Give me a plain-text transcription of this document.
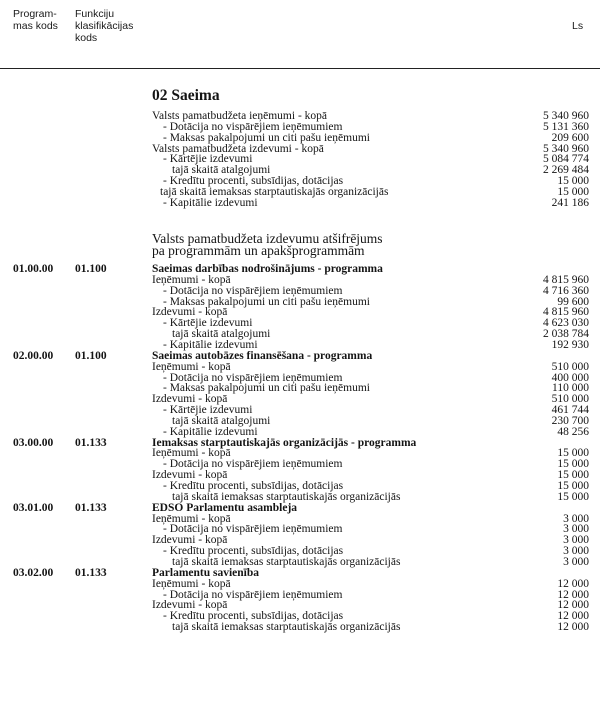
Program-
mas kods
Funkciju
klasifikācijas
kods
Ls
02 Saeima
Valsts pamatbudžeta ieņēmumi - kopā	5 340 960
- Dotācija no vispārējiem ieņēmumiem	5 131 360
- Maksas pakalpojumi un citi pašu ieņēmumi	209 600
Valsts pamatbudžeta izdevumi - kopā	5 340 960
- Kārtējie izdevumi	5 084 774
tajā skaitā atalgojumi	2 269 484
- Kredītu procenti, subsīdijas, dotācijas	15 000
tajā skaitā iemaksas starptautiskajās organizācijās	15 000
- Kapitālie izdevumi	241 186
Valsts pamatbudžeta izdevumu atšifrējums
pa programmām un apakšprogrammām
01.00.00 01.100	Saeimas darbības nodrošinājums - programma
Ieņēmumi - kopā	4 815 960
- Dotācija no vispārējiem ieņēmumiem	4 716 360
- Maksas pakalpojumi un citi pašu ieņēmumi	99 600
Izdevumi - kopā	4 815 960
- Kārtējie izdevumi	4 623 030
tajā skaitā atalgojumi	2 038 784
- Kapitālie izdevumi	192 930
02.00.00 01.100	Saeimas autobāzes finansēšana - programma
Ieņēmumi - kopā	510 000
- Dotācija no vispārējiem ieņēmumiem	400 000
- Maksas pakalpojumi un citi pašu ieņēmumi	110 000
Izdevumi - kopā	510 000
- Kārtējie izdevumi	461 744
tajā skaitā atalgojumi	230 700
- Kapitālie izdevumi	48 256
03.00.00 01.133	Iemaksas starptautiskajās organizācijās - programma
Ieņēmumi - kopā	15 000
- Dotācija no vispārējiem ieņēmumiem	15 000
Izdevumi - kopā	15 000
- Kredītu procenti, subsīdijas, dotācijas	15 000
tajā skaitā iemaksas starptautiskajās organizācijās	15 000
03.01.00 01.133	EDSO Parlamentu asambleja
Ieņēmumi - kopā	3 000
- Dotācija no vispārējiem ieņēmumiem	3 000
Izdevumi - kopā	3 000
- Kredītu procenti, subsīdijas, dotācijas	3 000
tajā skaitā iemaksas starptautiskajās organizācijās	3 000
03.02.00 01.133	Parlamentu savienība
Ieņēmumi - kopā	12 000
- Dotācija no vispārējiem ieņēmumiem	12 000
Izdevumi - kopā	12 000
- Kredītu procenti, subsīdijas, dotācijas	12 000
tajā skaitā iemaksas starptautiskajās organizācijās	12 000
